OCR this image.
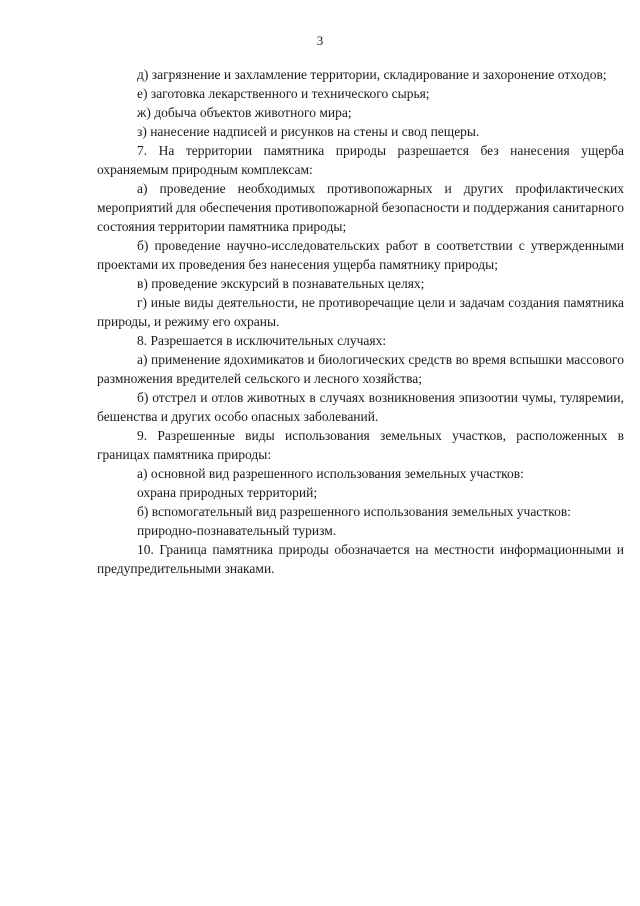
3

д) загрязнение и захламление территории, складирование и захоронение отходов;

е) заготовка лекарственного и технического сырья;

ж) добыча объектов животного мира;

з) нанесение надписей и рисунков на стены и свод пещеры.

7. На территории памятника природы разрешается без нанесения ущерба охраняемым природным комплексам:

а) проведение необходимых противопожарных и других профилактических мероприятий для обеспечения противопожарной безопасности и поддержания санитарного состояния территории памятника природы;

б) проведение научно-исследовательских работ в соответствии с утвержденными проектами их проведения без нанесения ущерба памятнику природы;

в) проведение экскурсий в познавательных целях;

г) иные виды деятельности, не противоречащие цели и задачам создания памятника природы, и режиму его охраны.

8. Разрешается в исключительных случаях:

а) применение ядохимикатов и биологических средств во время вспышки массового размножения вредителей сельского и лесного хозяйства;

б) отстрел и отлов животных в случаях возникновения эпизоотии чумы, туляремии, бешенства и других особо опасных заболеваний.

9. Разрешенные виды использования земельных участков, расположенных в границах памятника природы:

а) основной вид разрешенного использования земельных участков:

охрана природных территорий;

б) вспомогательный вид разрешенного использования земельных участков:

природно-познавательный туризм.

10. Граница памятника природы обозначается на местности информационными и предупредительными знаками.
